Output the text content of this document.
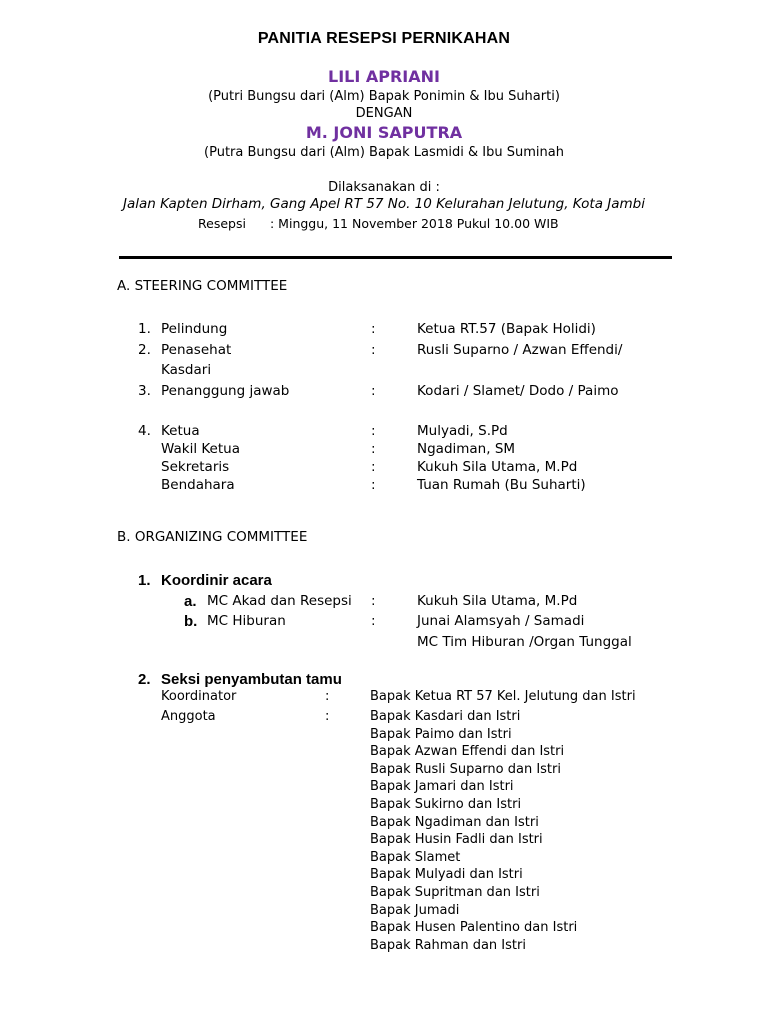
PANITIA RESEPSI PERNIKAHAN
LILI APRIANI
(Putri Bungsu dari (Alm) Bapak Ponimin & Ibu Suharti)
DENGAN
M. JONI SAPUTRA
(Putra Bungsu dari (Alm) Bapak Lasmidi & Ibu Suminah
Dilaksanakan di :
Jalan Kapten Dirham, Gang Apel RT 57 No. 10 Kelurahan Jelutung, Kota Jambi
Resepsi : Minggu, 11 November 2018 Pukul 10.00 WIB
A. STEERING COMMITTEE
1. Pelindung	:	Ketua RT.57 (Bapak Holidi)
2. Penasehat	:	Rusli Suparno / Azwan Effendi/
Kasdari
3. Penanggung jawab	:	Kodari / Slamet/ Dodo / Paimo
4. Ketua	:	Mulyadi, S.Pd
Wakil Ketua	:	Ngadiman, SM
Sekretaris	:	Kukuh Sila Utama, M.Pd
Bendahara	:	Tuan Rumah (Bu Suharti)
B. ORGANIZING COMMITTEE
1. Koordinir acara
a. MC Akad dan Resepsi :	Kukuh Sila Utama, M.Pd
b. MC Hiburan	:	Junai Alamsyah / Samadi
MC Tim Hiburan /Organ Tunggal
2. Seksi penyambutan tamu
Koordinator	:	Bapak Ketua RT 57 Kel. Jelutung dan Istri
Anggota	:	Bapak Kasdari dan Istri
Bapak Paimo dan Istri
Bapak Azwan Effendi dan Istri
Bapak Rusli Suparno dan Istri
Bapak Jamari dan Istri
Bapak Sukirno dan Istri
Bapak Ngadiman dan Istri
Bapak Husin Fadli dan Istri
Bapak Slamet
Bapak Mulyadi dan Istri
Bapak Supritman dan Istri
Bapak Jumadi
Bapak Husen Palentino dan Istri
Bapak Rahman dan Istri
